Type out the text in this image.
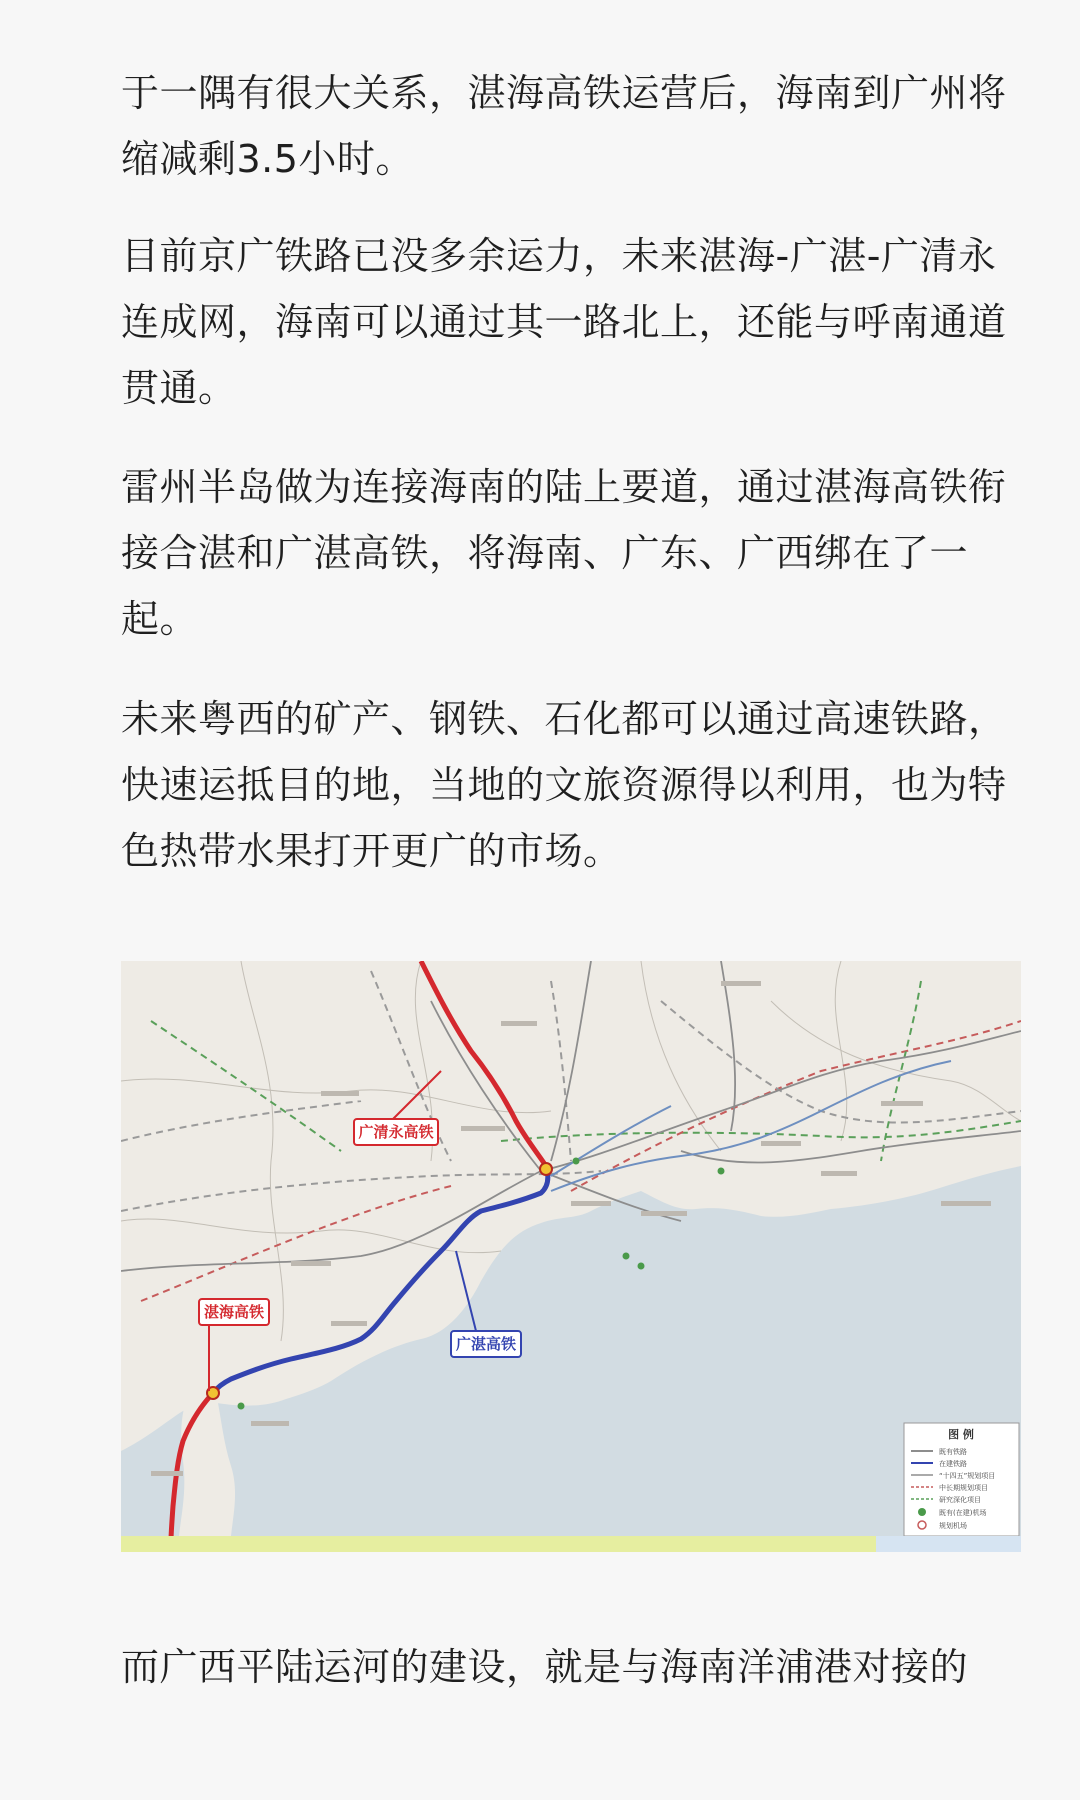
于一隅有很大关系，湛海高铁运营后，海南到广州将缩减剩3.5小时。

目前京广铁路已没多余运力，未来湛海-广湛-广清永连成网，海南可以通过其一路北上，还能与呼南通道贯通。

雷州半岛做为连接海南的陆上要道，通过湛海高铁衔接合湛和广湛高铁，将海南、广东、广西绑在了一起。

未来粤西的矿产、钢铁、石化都可以通过高速铁路，快速运抵目的地，当地的文旅资源得以利用，也为特色热带水果打开更广的市场。

广清永高铁
湛海高铁
广湛高铁
图 例
既有铁路
在建铁路
“十四五”规划项目
中长期规划项目
研究深化项目
既有(在建)机场
规划机场

而广西平陆运河的建设，就是与海南洋浦港对接的
